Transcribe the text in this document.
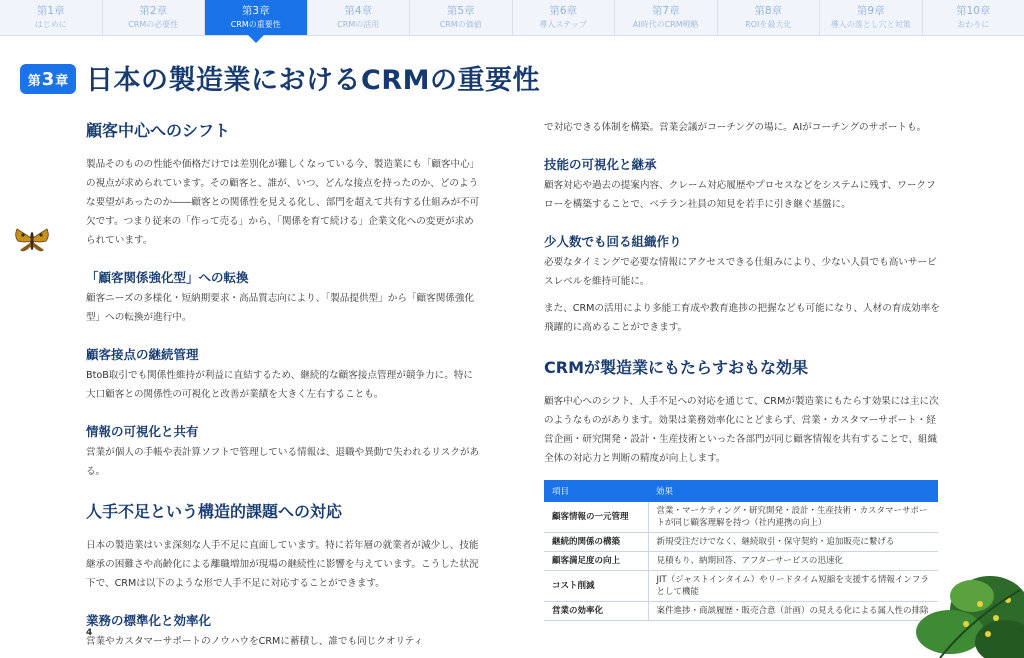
第1章
はじめに
第2章
CRMの必要性
第3章
CRMの重要性
第4章
CRMの活用
第5章
CRMの価値
第6章
導入ステップ
第7章
AI時代のCRM戦略
第8章
ROIを最大化
第9章
導入の落とし穴と対策
第10章
おわりに
第 3 章 日本の製造業におけるCRMの重要性
顧客中心へのシフト

製品そのものの性能や価格だけでは差別化が難しくなっている今、製造業にも「顧客中心」の視点が求められています。その顧客と、誰が、いつ、どんな接点を持ったのか、どのような要望があったのか――顧客との関係性を見える化し、部門を超えて共有する仕組みが不可欠です。つまり従来の「作って売る」から、「関係を育て続ける」企業文化への変更が求められています。

「顧客関係強化型」への転換

顧客ニーズの多様化・短納期要求・高品質志向により、「製品提供型」から「顧客関係強化型」への転換が進行中。

顧客接点の継続管理

BtoB取引でも関係性維持が利益に直結するため、継続的な顧客接点管理が競争力に。特に大口顧客との関係性の可視化と改善が業績を大きく左右することも。

情報の可視化と共有

営業が個人の手帳や表計算ソフトで管理している情報は、退職や異動で失われるリスクがある。

人手不足という構造的課題への対応

日本の製造業はいま深刻な人手不足に直面しています。特に若年層の就業者が減少し、技能継承の困難さや高齢化による離職増加が現場の継続性に影響を与えています。こうした状況下で、CRMは以下のような形で人手不足に対応することができます。

業務の標準化と効率化

営業やカスタマーサポートのノウハウをCRMに蓄積し、誰でも同じクオリティ

で対応できる体制を構築。営業会議がコーチングの場に。AIがコーチングのサポートも。

技能の可視化と継承

顧客対応や過去の提案内容、クレーム対応履歴やプロセスなどをシステムに残す、ワークフローを構築することで、ベテラン社員の知見を若手に引き継ぐ基盤に。

少人数でも回る組織作り

必要なタイミングで必要な情報にアクセスできる仕組みにより、少ない人員でも高いサービスレベルを維持可能に。

また、CRMの活用により多能工育成や教育進捗の把握なども可能になり、人材の育成効率を飛躍的に高めることができます。

CRMが製造業にもたらすおもな効果

顧客中心へのシフト、人手不足への対応を通じて、CRMが製造業にもたらす効果には主に次のようなものがあります。効果は業務効率化にとどまらず、営業・カスタマーサポート・経営企画・研究開発・設計・生産技術といった各部門が同じ顧客情報を共有することで、組織全体の対応力と判断の精度が向上します。

項目	効果
顧客情報の一元管理	営業・マーケティング・研究開発・設計・生産技術・カスタマーサポートが同じ顧客理解を持つ（社内連携の向上）
継続的関係の構築	新規受注だけでなく、継続取引・保守契約・追加販売に繋げる
顧客満足度の向上	見積もり、納期回答、アフターサービスの迅速化
コスト削減	JIT（ジャストインタイム）やリードタイム短縮を支援する情報インフラとして機能
営業の効率化	案件進捗・商談履歴・販売合意（計画）の見える化による属人性の排除
4
